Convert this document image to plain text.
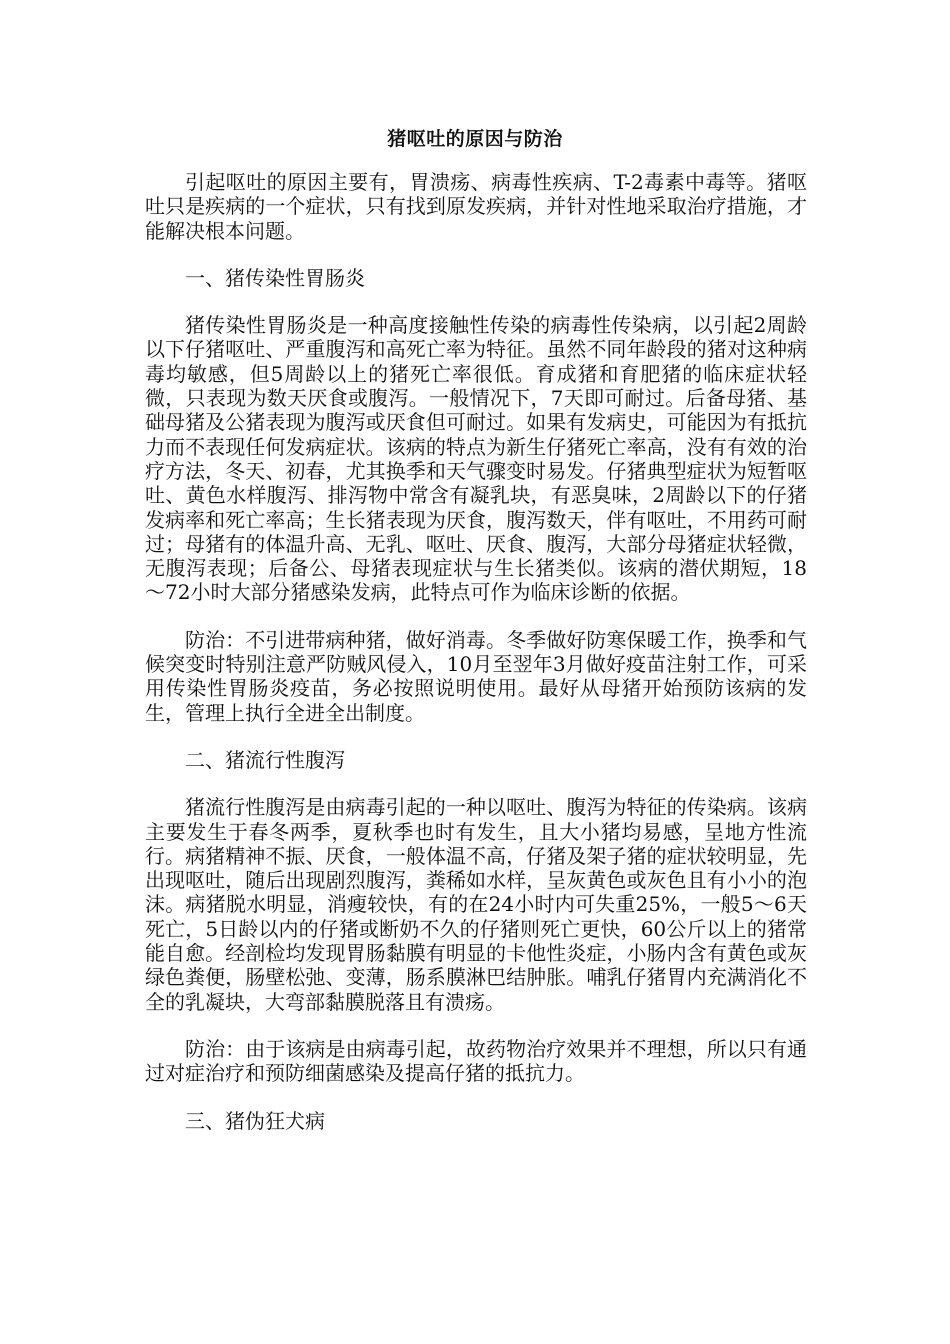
猪呕吐的原因与防治

引起呕吐的原因主要有，胃溃疡、病毒性疾病、T-2毒素中毒等。猪呕吐只是疾病的一个症状，只有找到原发疾病，并针对性地采取治疗措施，才能解决根本问题。

一、猪传染性胃肠炎

猪传染性胃肠炎是一种高度接触性传染的病毒性传染病，以引起2周龄以下仔猪呕吐、严重腹泻和高死亡率为特征。虽然不同年龄段的猪对这种病毒均敏感，但5周龄以上的猪死亡率很低。育成猪和育肥猪的临床症状轻微，只表现为数天厌食或腹泻。一般情况下，7天即可耐过。后备母猪、基础母猪及公猪表现为腹泻或厌食但可耐过。如果有发病史，可能因为有抵抗力而不表现任何发病症状。该病的特点为新生仔猪死亡率高，没有有效的治疗方法，冬天、初春，尤其换季和天气骤变时易发。仔猪典型症状为短暂呕吐、黄色水样腹泻、排泻物中常含有凝乳块，有恶臭味，2周龄以下的仔猪发病率和死亡率高；生长猪表现为厌食，腹泻数天，伴有呕吐，不用药可耐过；母猪有的体温升高、无乳、呕吐、厌食、腹泻，大部分母猪症状轻微，无腹泻表现；后备公、母猪表现症状与生长猪类似。该病的潜伏期短，18～72小时大部分猪感染发病，此特点可作为临床诊断的依据。

防治：不引进带病种猪，做好消毒。冬季做好防寒保暖工作，换季和气候突变时特别注意严防贼风侵入，10月至翌年3月做好疫苗注射工作，可采用传染性胃肠炎疫苗，务必按照说明使用。最好从母猪开始预防该病的发生，管理上执行全进全出制度。

二、猪流行性腹泻

猪流行性腹泻是由病毒引起的一种以呕吐、腹泻为特征的传染病。该病主要发生于春冬两季，夏秋季也时有发生，且大小猪均易感，呈地方性流行。病猪精神不振、厌食，一般体温不高，仔猪及架子猪的症状较明显，先出现呕吐，随后出现剧烈腹泻，粪稀如水样，呈灰黄色或灰色且有小小的泡沫。病猪脱水明显，消瘦较快，有的在24小时内可失重25%，一般5～6天死亡，5日龄以内的仔猪或断奶不久的仔猪则死亡更快，60公斤以上的猪常能自愈。经剖检均发现胃肠黏膜有明显的卡他性炎症，小肠内含有黄色或灰绿色粪便，肠壁松弛、变薄，肠系膜淋巴结肿胀。哺乳仔猪胃内充满消化不全的乳凝块，大弯部黏膜脱落且有溃疡。

防治：由于该病是由病毒引起，故药物治疗效果并不理想，所以只有通过对症治疗和预防细菌感染及提高仔猪的抵抗力。

三、猪伪狂犬病
